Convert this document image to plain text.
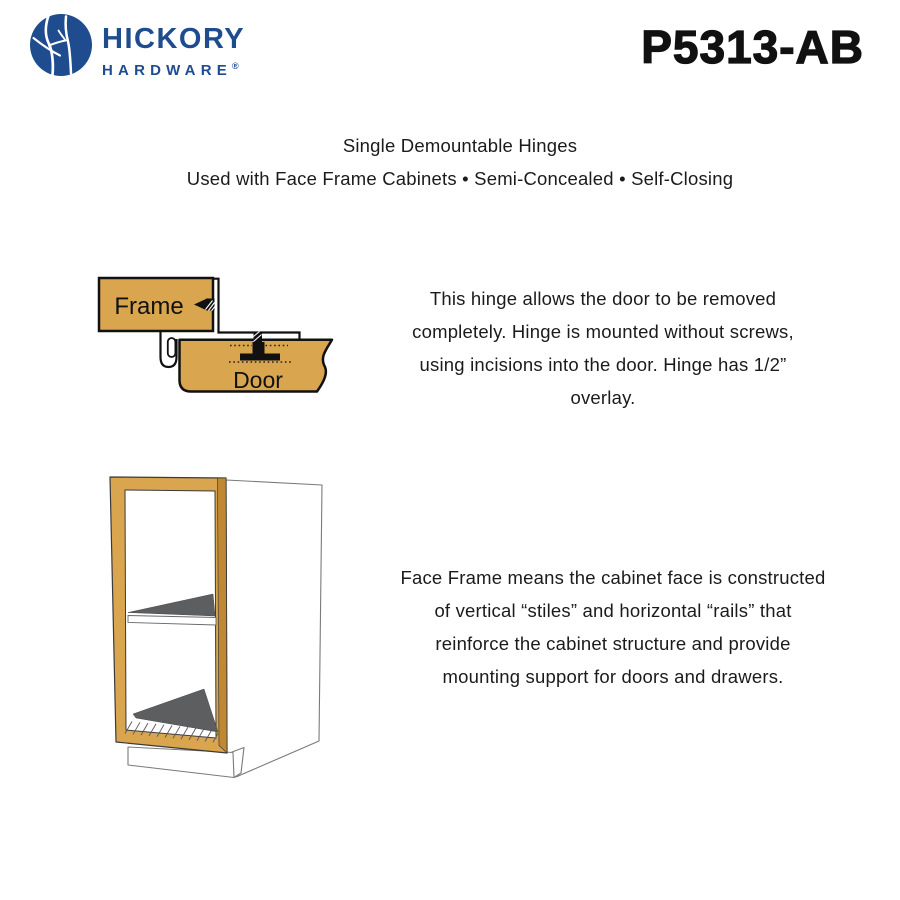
HICKORY
HARDWARE®	P5313-AB
Single Demountable Hinges
Used with Face Frame Cabinets • Semi-Concealed • Self-Closing
Frame
Door
This hinge allows the door to be removed
completely. Hinge is mounted without screws,
using incisions into the door. Hinge has 1/2”
overlay.
Face Frame means the cabinet face is constructed
of vertical “stiles” and horizontal “rails” that
reinforce the cabinet structure and provide
mounting support for doors and drawers.
